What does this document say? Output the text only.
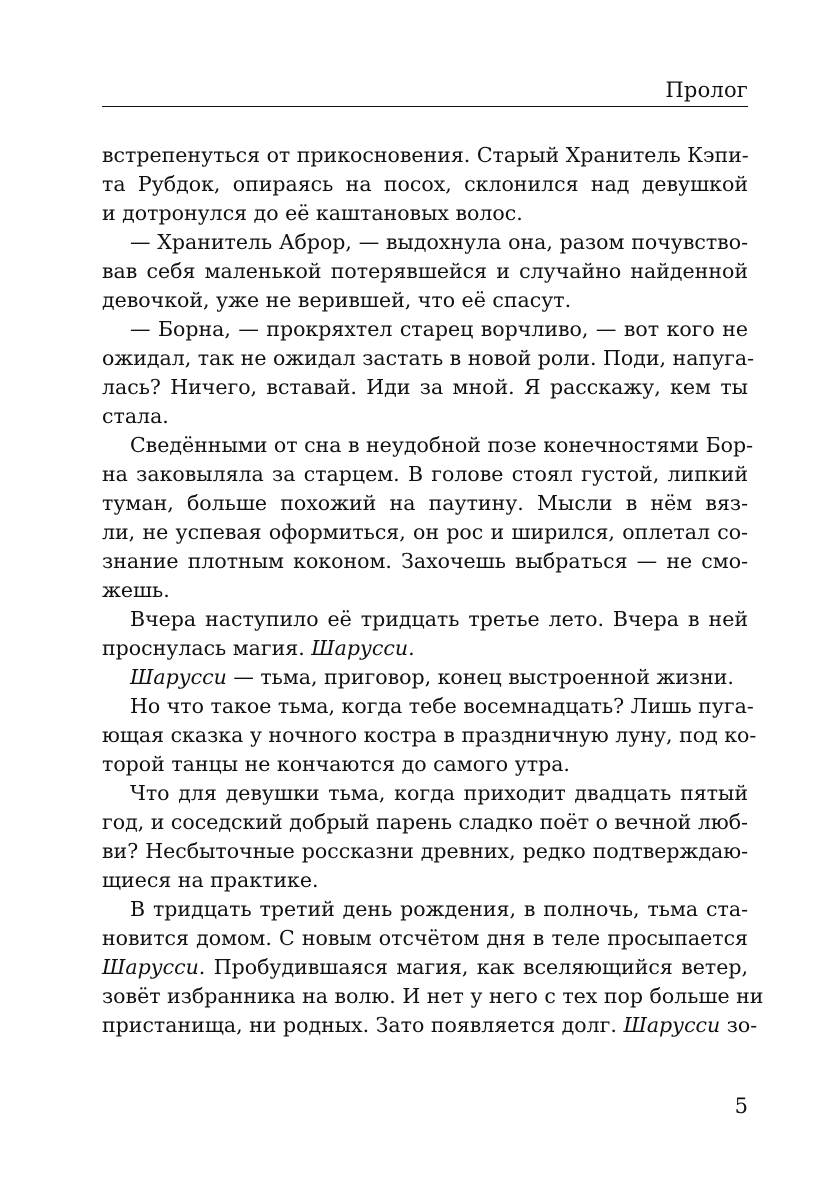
Пролог
встрепенуться от прикосновения. Старый Хранитель Кэпи-
та Рубдок, опираясь на посох, склонился над девушкой
и дотронулся до её каштановых волос.
— Хранитель Аброр, — выдохнула она, разом почувство-
вав себя маленькой потерявшейся и случайно найденной
девочкой, уже не верившей, что её спасут.
— Борна, — прокряхтел старец ворчливо, — вот кого не
ожидал, так не ожидал застать в новой роли. Поди, напуга-
лась? Ничего, вставай. Иди за мной. Я расскажу, кем ты
стала.
Сведёнными от сна в неудобной позе конечностями Бор-
на заковыляла за старцем. В голове стоял густой, липкий
туман, больше похожий на паутину. Мысли в нём вяз-
ли, не успевая оформиться, он рос и ширился, оплетал со-
знание плотным коконом. Захочешь выбраться — не смо-
жешь.
Вчера наступило её тридцать третье лето. Вчера в ней
проснулась магия. Шарусси.
Шарусси — тьма, приговор, конец выстроенной жизни.
Но что такое тьма, когда тебе восемнадцать? Лишь пуга-
ющая сказка у ночного костра в праздничную луну, под ко-
торой танцы не кончаются до самого утра.
Что для девушки тьма, когда приходит двадцать пятый
год, и соседский добрый парень сладко поёт о вечной люб-
ви? Несбыточные россказни древних, редко подтверждаю-
щиеся на практике.
В тридцать третий день рождения, в полночь, тьма ста-
новится домом. С новым отсчётом дня в теле просыпается
Шарусси. Пробудившаяся магия, как вселяющийся ветер,
зовёт избранника на волю. И нет у него с тех пор больше ни
пристанища, ни родных. Зато появляется долг. Шарусси зо-
5
